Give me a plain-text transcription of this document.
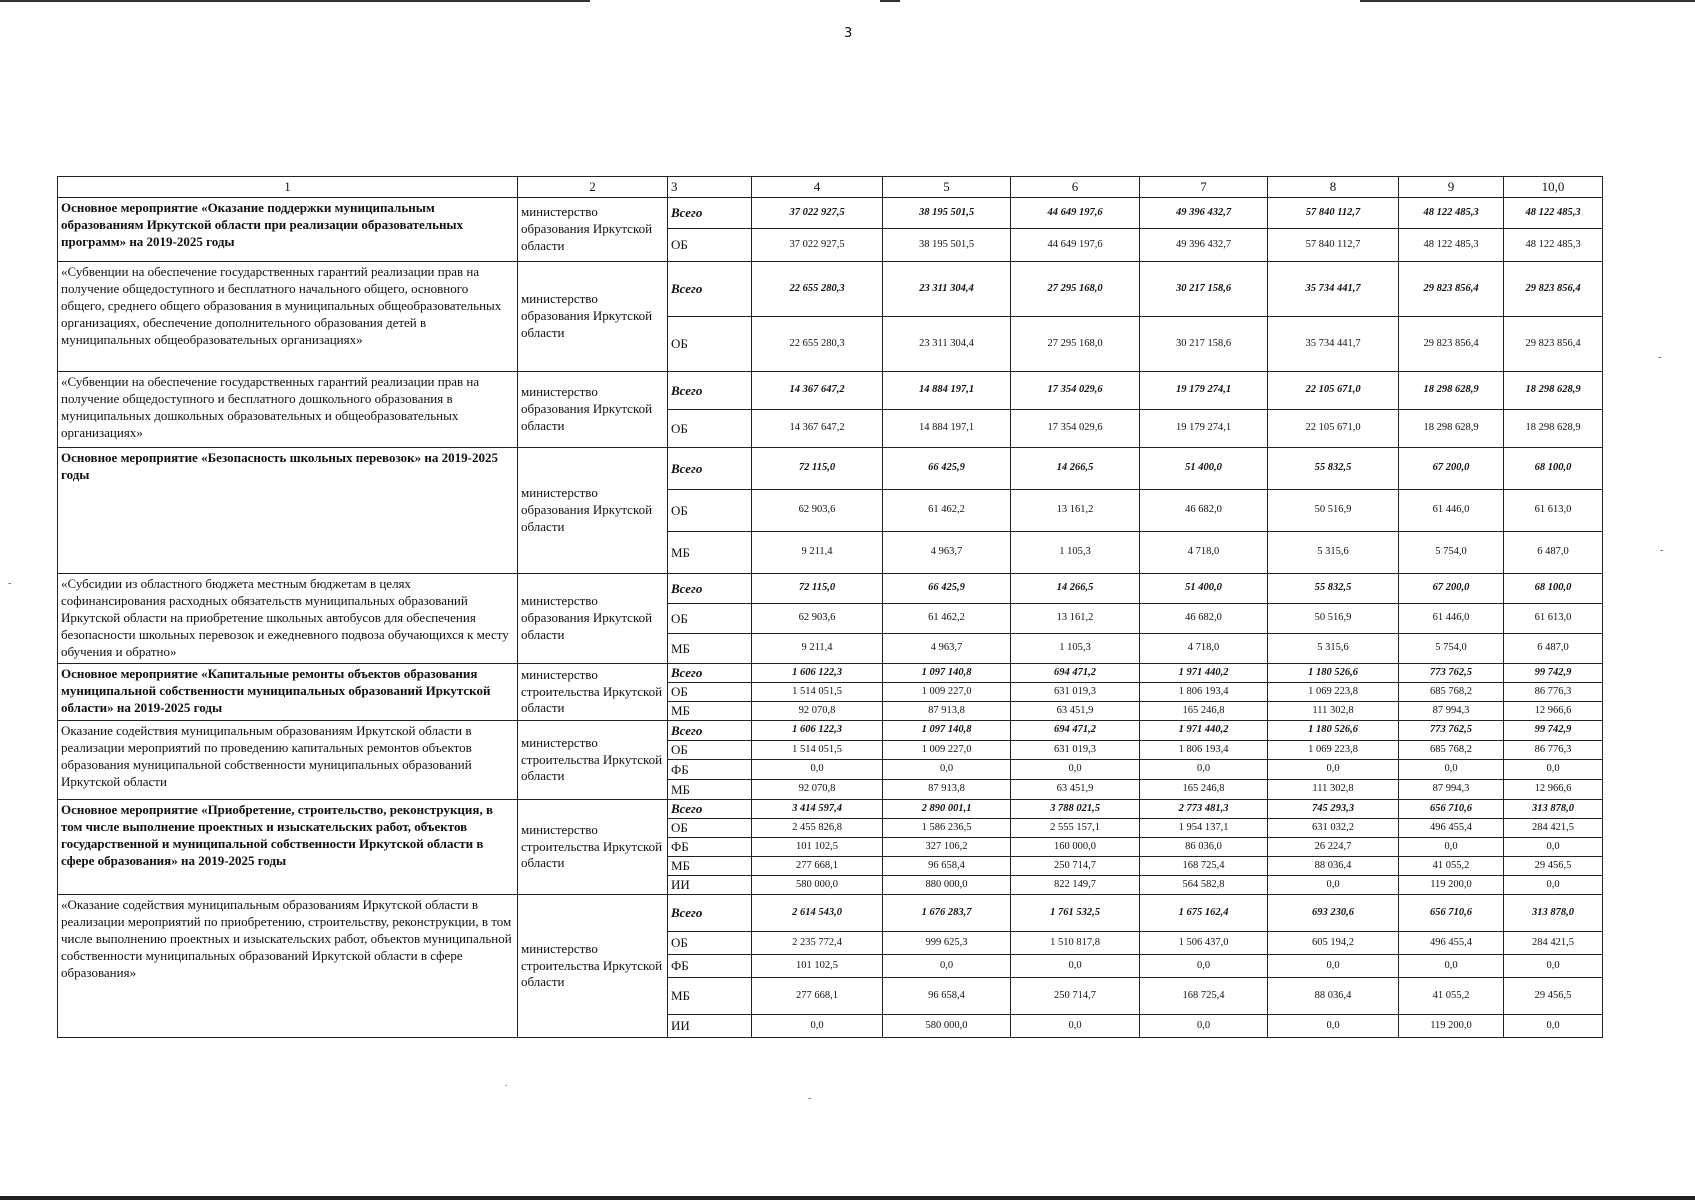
3
1	2	3	4	5	6	7	8	9	10,0
Основное мероприятие «Оказание поддержки муниципальным образованиям Иркутской области при реализации образовательных программ» на 2019-2025 годы	министерство образования Иркутской области	Всего	37 022 927,5	38 195 501,5	44 649 197,6	49 396 432,7	57 840 112,7	48 122 485,3	48 122 485,3
		ОБ	37 022 927,5	38 195 501,5	44 649 197,6	49 396 432,7	57 840 112,7	48 122 485,3	48 122 485,3
«Субвенции на обеспечение государственных гарантий реализации прав на получение общедоступного и бесплатного начального общего, основного общего, среднего общего образования в муниципальных общеобразовательных организациях, обеспечение дополнительного образования детей в муниципальных общеобразовательных организациях»	министерство образования Иркутской области	Всего	22 655 280,3	23 311 304,4	27 295 168,0	30 217 158,6	35 734 441,7	29 823 856,4	29 823 856,4
		ОБ	22 655 280,3	23 311 304,4	27 295 168,0	30 217 158,6	35 734 441,7	29 823 856,4	29 823 856,4
«Субвенции на обеспечение государственных гарантий реализации прав на получение общедоступного и бесплатного дошкольного образования в муниципальных дошкольных образовательных и общеобразовательных организациях»	министерство образования Иркутской области	Всего	14 367 647,2	14 884 197,1	17 354 029,6	19 179 274,1	22 105 671,0	18 298 628,9	18 298 628,9
		ОБ	14 367 647,2	14 884 197,1	17 354 029,6	19 179 274,1	22 105 671,0	18 298 628,9	18 298 628,9
Основное мероприятие «Безопасность школьных перевозок» на 2019-2025 годы	министерство образования Иркутской области	Всего	72 115,0	66 425,9	14 266,5	51 400,0	55 832,5	67 200,0	68 100,0
		ОБ	62 903,6	61 462,2	13 161,2	46 682,0	50 516,9	61 446,0	61 613,0
		МБ	9 211,4	4 963,7	1 105,3	4 718,0	5 315,6	5 754,0	6 487,0
«Субсидии из областного бюджета местным бюджетам в целях софинансирования расходных обязательств муниципальных образований Иркутской области на приобретение школьных автобусов для обеспечения безопасности школьных перевозок и ежедневного подвоза обучающихся к месту обучения и обратно»	министерство образования Иркутской области	Всего	72 115,0	66 425,9	14 266,5	51 400,0	55 832,5	67 200,0	68 100,0
		ОБ	62 903,6	61 462,2	13 161,2	46 682,0	50 516,9	61 446,0	61 613,0
		МБ	9 211,4	4 963,7	1 105,3	4 718,0	5 315,6	5 754,0	6 487,0
Основное мероприятие «Капитальные ремонты объектов образования муниципальной собственности муниципальных образований Иркутской области» на 2019-2025 годы	министерство строительства Иркутской области	Всего	1 606 122,3	1 097 140,8	694 471,2	1 971 440,2	1 180 526,6	773 762,5	99 742,9
		ОБ	1 514 051,5	1 009 227,0	631 019,3	1 806 193,4	1 069 223,8	685 768,2	86 776,3
		МБ	92 070,8	87 913,8	63 451,9	165 246,8	111 302,8	87 994,3	12 966,6
Оказание содействия муниципальным образованиям Иркутской области в реализации мероприятий по проведению капитальных ремонтов объектов образования муниципальной собственности муниципальных образований Иркутской области	министерство строительства Иркутской области	Всего	1 606 122,3	1 097 140,8	694 471,2	1 971 440,2	1 180 526,6	773 762,5	99 742,9
		ОБ	1 514 051,5	1 009 227,0	631 019,3	1 806 193,4	1 069 223,8	685 768,2	86 776,3
		ФБ	0,0	0,0	0,0	0,0	0,0	0,0	0,0
		МБ	92 070,8	87 913,8	63 451,9	165 246,8	111 302,8	87 994,3	12 966,6
Основное мероприятие «Приобретение, строительство, реконструкция, в том числе выполнение проектных и изыскательских работ, объектов государственной и муниципальной собственности Иркутской области в сфере образования» на 2019-2025 годы	министерство строительства Иркутской области	Всего	3 414 597,4	2 890 001,1	3 788 021,5	2 773 481,3	745 293,3	656 710,6	313 878,0
		ОБ	2 455 826,8	1 586 236,5	2 555 157,1	1 954 137,1	631 032,2	496 455,4	284 421,5
		ФБ	101 102,5	327 106,2	160 000,0	86 036,0	26 224,7	0,0	0,0
		МБ	277 668,1	96 658,4	250 714,7	168 725,4	88 036,4	41 055,2	29 456,5
		ИИ	580 000,0	880 000,0	822 149,7	564 582,8	0,0	119 200,0	0,0
«Оказание содействия муниципальным образованиям Иркутской области в реализации мероприятий по приобретению, строительству, реконструкции, в том числе выполнению проектных и изыскательских работ, объектов муниципальной собственности муниципальных образований Иркутской области в сфере образования»	министерство строительства Иркутской области	Всего	2 614 543,0	1 676 283,7	1 761 532,5	1 675 162,4	693 230,6	656 710,6	313 878,0
		ОБ	2 235 772,4	999 625,3	1 510 817,8	1 506 437,0	605 194,2	496 455,4	284 421,5
		ФБ	101 102,5	0,0	0,0	0,0	0,0	0,0	0,0
		МБ	277 668,1	96 658,4	250 714,7	168 725,4	88 036,4	41 055,2	29 456,5
		ИИ	0,0	580 000,0	0,0	0,0	0,0	119 200,0	0,0
-
-
-
.
-
